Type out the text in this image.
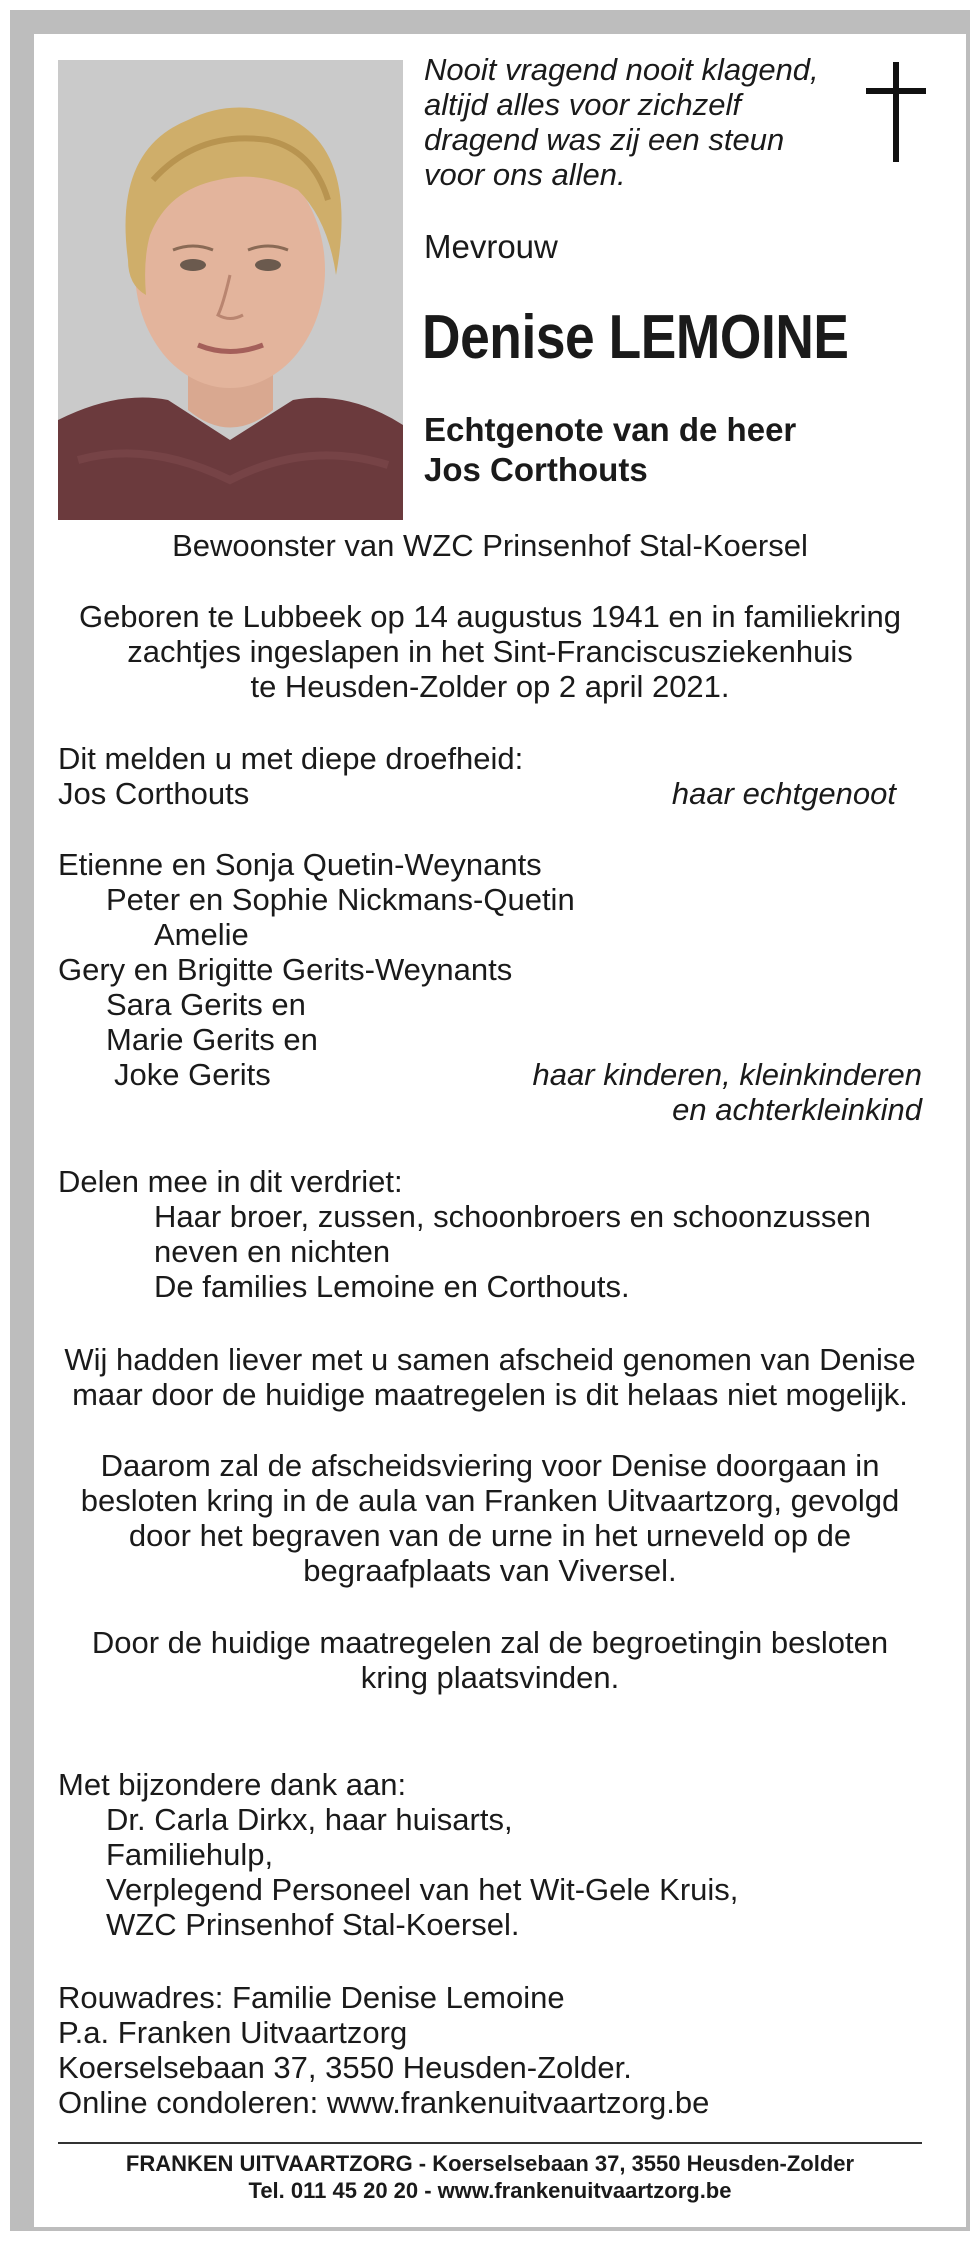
Nooit vragend nooit klagend,
altijd alles voor zichzelf
dragend was zij een steun
voor ons allen.
Mevrouw
Denise LEMOINE
Echtgenote van de heer
Jos Corthouts
Bewoonster van WZC Prinsenhof Stal-Koersel
Geboren te Lubbeek op 14 augustus 1941 en in familiekring
zachtjes ingeslapen in het Sint-Franciscusziekenhuis
te Heusden-Zolder op 2 april 2021.
Dit melden u met diepe droefheid:
Jos Corthouts	haar echtgenoot
Etienne en Sonja Quetin-Weynants
Peter en Sophie Nickmans-Quetin
Amelie
Gery en Brigitte Gerits-Weynants
Sara Gerits en
Marie Gerits en
Joke Gerits	haar kinderen, kleinkinderen
en achterkleinkind
Delen mee in dit verdriet:
Haar broer, zussen, schoonbroers en schoonzussen
neven en nichten
De families Lemoine en Corthouts.
Wij hadden liever met u samen afscheid genomen van Denise
maar door de huidige maatregelen is dit helaas niet mogelijk.
Daarom zal de afscheidsviering voor Denise doorgaan in
besloten kring in de aula van Franken Uitvaartzorg, gevolgd
door het begraven van de urne in het urneveld op de
begraafplaats van Viversel.
Door de huidige maatregelen zal de begroetingin besloten
kring plaatsvinden.
Met bijzondere dank aan:
Dr. Carla Dirkx, haar huisarts,
Familiehulp,
Verplegend Personeel van het Wit-Gele Kruis,
WZC Prinsenhof Stal-Koersel.
Rouwadres: Familie Denise Lemoine
P.a. Franken Uitvaartzorg
Koerselsebaan 37, 3550 Heusden-Zolder.
Online condoleren: www.frankenuitvaartzorg.be
FRANKEN UITVAARTZORG - Koerselsebaan 37, 3550 Heusden-Zolder
Tel. 011 45 20 20 - www.frankenuitvaartzorg.be
